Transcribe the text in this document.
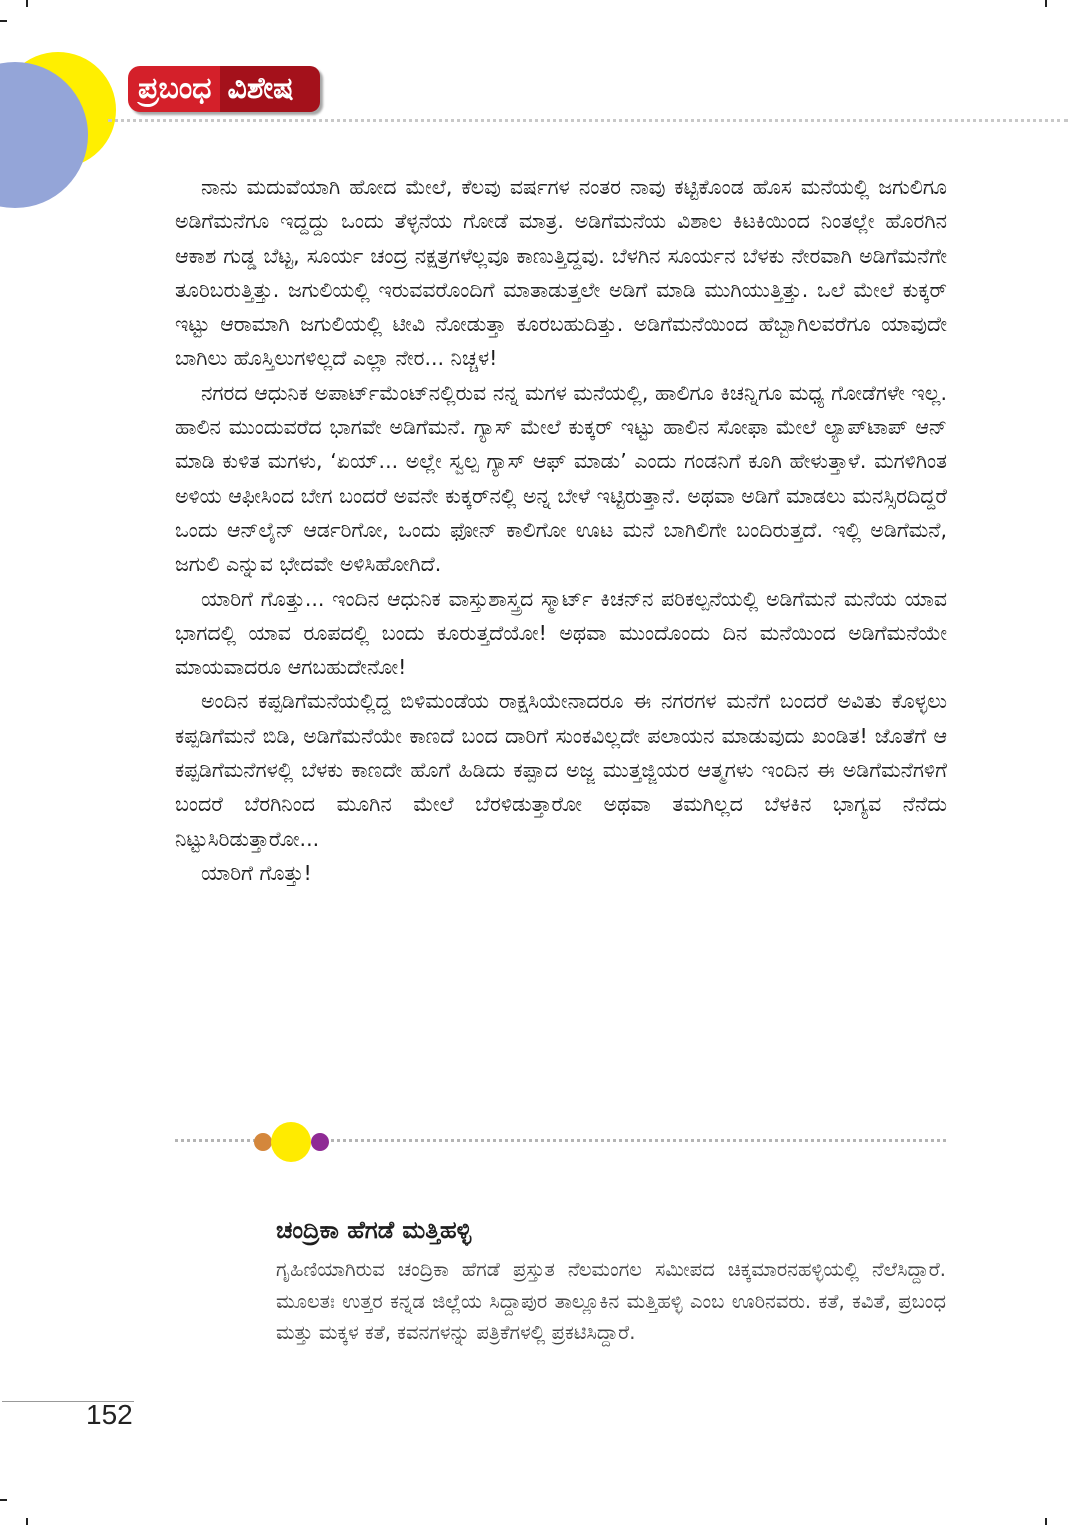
ಪ್ರಬಂಧ ವಿಶೇಷ

ನಾನು ಮದುವೆಯಾಗಿ ಹೋದ ಮೇಲೆ, ಕೆಲವು ವರ್ಷಗಳ ನಂತರ ನಾವು ಕಟ್ಟಿಕೊಂಡ ಹೊಸ ಮನೆಯಲ್ಲಿ ಜಗುಲಿಗೂ ಅಡಿಗೆಮನೆಗೂ ಇದ್ದದ್ದು ಒಂದು ತೆಳ್ಳನೆಯ ಗೋಡೆ ಮಾತ್ರ. ಅಡಿಗೆಮನೆಯ ವಿಶಾಲ ಕಿಟಕಿಯಿಂದ ನಿಂತಲ್ಲೇ ಹೊರಗಿನ ಆಕಾಶ ಗುಡ್ಡ ಬೆಟ್ಟ, ಸೂರ್ಯ ಚಂದ್ರ ನಕ್ಷತ್ರಗಳೆಲ್ಲವೂ ಕಾಣುತ್ತಿದ್ದವು. ಬೆಳಗಿನ ಸೂರ್ಯನ ಬೆಳಕು ನೇರವಾಗಿ ಅಡಿಗೆಮನೆಗೇ ತೂರಿಬರುತ್ತಿತ್ತು. ಜಗುಲಿಯಲ್ಲಿ ಇರುವವರೊಂದಿಗೆ ಮಾತಾಡುತ್ತಲೇ ಅಡಿಗೆ ಮಾಡಿ ಮುಗಿಯುತ್ತಿತ್ತು. ಒಲೆ ಮೇಲೆ ಕುಕ್ಕರ್ ಇಟ್ಟು ಆರಾಮಾಗಿ ಜಗುಲಿಯಲ್ಲಿ ಟೀವಿ ನೋಡುತ್ತಾ ಕೂರಬಹುದಿತ್ತು. ಅಡಿಗೆಮನೆಯಿಂದ ಹೆಬ್ಬಾಗಿಲವರೆಗೂ ಯಾವುದೇ ಬಾಗಿಲು ಹೊಸ್ತಿಲುಗಳಿಲ್ಲದೆ ಎಲ್ಲಾ ನೇರ... ನಿಚ್ಚಳ!

ನಗರದ ಆಧುನಿಕ ಅಪಾರ್ಟ್‌ಮೆಂಟ್‌ನಲ್ಲಿರುವ ನನ್ನ ಮಗಳ ಮನೆಯಲ್ಲಿ, ಹಾಲಿಗೂ ಕಿಚನ್ನಿಗೂ ಮಧ್ಯ ಗೋಡೆಗಳೇ ಇಲ್ಲ. ಹಾಲಿನ ಮುಂದುವರೆದ ಭಾಗವೇ ಅಡಿಗೆಮನೆ. ಗ್ಯಾಸ್ ಮೇಲೆ ಕುಕ್ಕರ್ ಇಟ್ಟು ಹಾಲಿನ ಸೋಫಾ ಮೇಲೆ ಲ್ಯಾಪ್‌ಟಾಪ್ ಆನ್ ಮಾಡಿ ಕುಳಿತ ಮಗಳು, ‘ಏಯ್... ಅಲ್ಲೇ ಸ್ವಲ್ಪ ಗ್ಯಾಸ್ ಆಫ್ ಮಾಡು’ ಎಂದು ಗಂಡನಿಗೆ ಕೂಗಿ ಹೇಳುತ್ತಾಳೆ. ಮಗಳಿಗಿಂತ ಅಳಿಯ ಆಫೀಸಿಂದ ಬೇಗ ಬಂದರೆ ಅವನೇ ಕುಕ್ಕರ್‌ನಲ್ಲಿ ಅನ್ನ ಬೇಳೆ ಇಟ್ಟಿರುತ್ತಾನೆ. ಅಥವಾ ಅಡಿಗೆ ಮಾಡಲು ಮನಸ್ಸಿರದಿದ್ದರೆ ಒಂದು ಆನ್‌ಲೈನ್ ಆರ್ಡರಿಗೋ, ಒಂದು ಫೋನ್ ಕಾಲಿಗೋ ಊಟ ಮನೆ ಬಾಗಿಲಿಗೇ ಬಂದಿರುತ್ತದೆ. ಇಲ್ಲಿ ಅಡಿಗೆಮನೆ, ಜಗುಲಿ ಎನ್ನುವ ಭೇದವೇ ಅಳಿಸಿಹೋಗಿದೆ.

ಯಾರಿಗೆ ಗೊತ್ತು... ಇಂದಿನ ಆಧುನಿಕ ವಾಸ್ತುಶಾಸ್ತ್ರದ ಸ್ಮಾರ್ಟ್ ಕಿಚನ್‌ನ ಪರಿಕಲ್ಪನೆಯಲ್ಲಿ ಅಡಿಗೆಮನೆ ಮನೆಯ ಯಾವ ಭಾಗದಲ್ಲಿ ಯಾವ ರೂಪದಲ್ಲಿ ಬಂದು ಕೂರುತ್ತದೆಯೋ! ಅಥವಾ ಮುಂದೊಂದು ದಿನ ಮನೆಯಿಂದ ಅಡಿಗೆಮನೆಯೇ ಮಾಯವಾದರೂ ಆಗಬಹುದೇನೋ!

ಅಂದಿನ ಕಪ್ಪಡಿಗೆಮನೆಯಲ್ಲಿದ್ದ ಬಿಳಿಮಂಡೆಯ ರಾಕ್ಷಸಿಯೇನಾದರೂ ಈ ನಗರಗಳ ಮನೆಗೆ ಬಂದರೆ ಅವಿತು ಕೊಳ್ಳಲು ಕಪ್ಪಡಿಗೆಮನೆ ಬಿಡಿ, ಅಡಿಗೆಮನೆಯೇ ಕಾಣದೆ ಬಂದ ದಾರಿಗೆ ಸುಂಕವಿಲ್ಲದೇ ಪಲಾಯನ ಮಾಡುವುದು ಖಂಡಿತ! ಜೊತೆಗೆ ಆ ಕಪ್ಪಡಿಗೆಮನೆಗಳಲ್ಲಿ ಬೆಳಕು ಕಾಣದೇ ಹೊಗೆ ಹಿಡಿದು ಕಪ್ಪಾದ ಅಜ್ಜ ಮುತ್ತಜ್ಜಿಯರ ಆತ್ಮಗಳು ಇಂದಿನ ಈ ಅಡಿಗೆಮನೆಗಳಿಗೆ ಬಂದರೆ ಬೆರಗಿನಿಂದ ಮೂಗಿನ ಮೇಲೆ ಬೆರಳಿಡುತ್ತಾರೋ ಅಥವಾ ತಮಗಿಲ್ಲದ ಬೆಳಕಿನ ಭಾಗ್ಯವ ನೆನೆದು ನಿಟ್ಟುಸಿರಿಡುತ್ತಾರೋ...

ಯಾರಿಗೆ ಗೊತ್ತು!

ಚಂದ್ರಿಕಾ ಹೆಗಡೆ ಮತ್ತಿಹಳ್ಳಿ

ಗೃಹಿಣಿಯಾಗಿರುವ ಚಂದ್ರಿಕಾ ಹೆಗಡೆ ಪ್ರಸ್ತುತ ನೆಲಮಂಗಲ ಸಮೀಪದ ಚಿಕ್ಕಮಾರನಹಳ್ಳಿಯಲ್ಲಿ ನೆಲೆಸಿದ್ದಾರೆ. ಮೂಲತಃ ಉತ್ತರ ಕನ್ನಡ ಜಿಲ್ಲೆಯ ಸಿದ್ದಾಪುರ ತಾಲ್ಲೂಕಿನ ಮತ್ತಿಹಳ್ಳಿ ಎಂಬ ಊರಿನವರು. ಕತೆ, ಕವಿತೆ, ಪ್ರಬಂಧ ಮತ್ತು ಮಕ್ಕಳ ಕತೆ, ಕವನಗಳನ್ನು ಪತ್ರಿಕೆಗಳಲ್ಲಿ ಪ್ರಕಟಿಸಿದ್ದಾರೆ.

152
